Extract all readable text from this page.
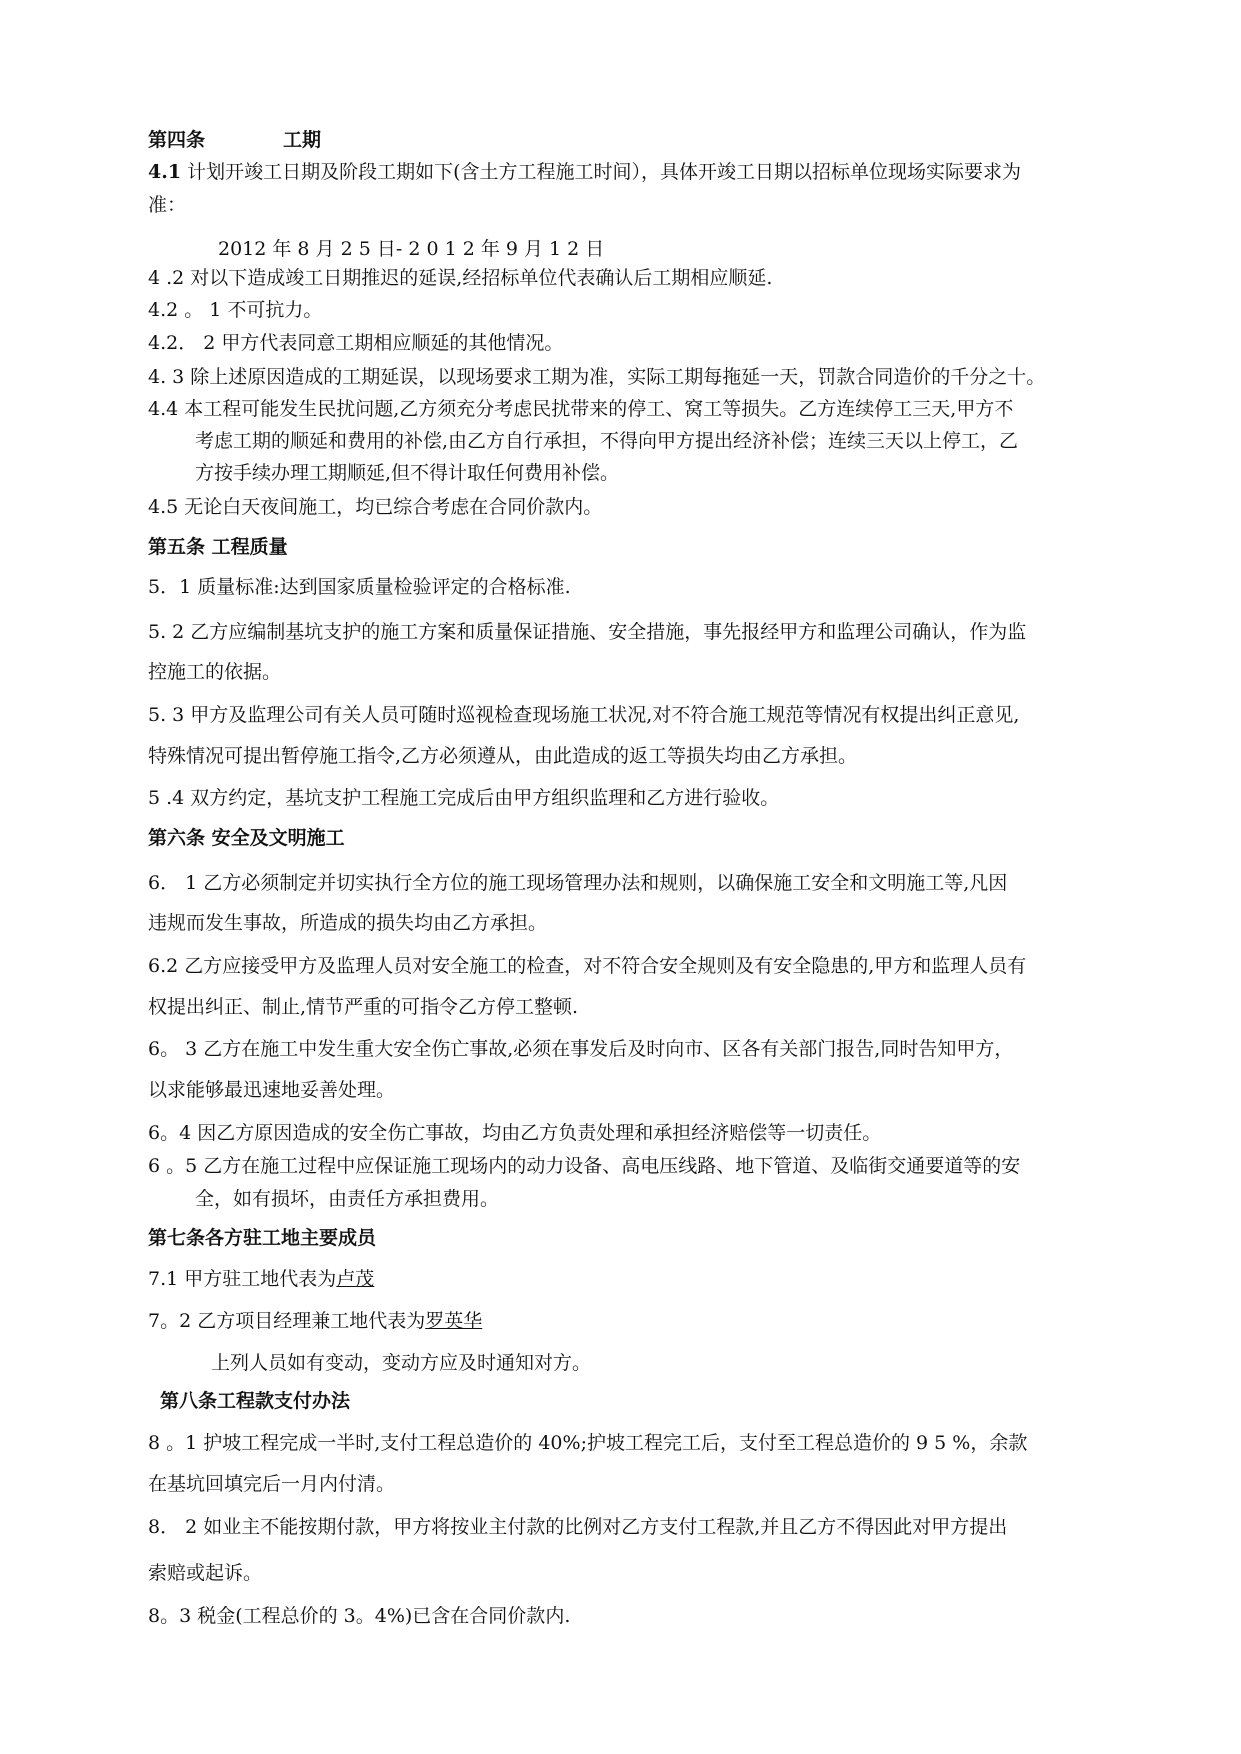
第四条	工期
4.1 计划开竣工日期及阶段工期如下(含土方工程施工时间），具体开竣工日期以招标单位现场实际要求为
准：
2012 年 8 月 2 5 日- 2 0 1 2 年 9 月 1 2 日
4 .2 对以下造成竣工日期推迟的延误,经招标单位代表确认后工期相应顺延.
4.2 。 1 不可抗力。
4.2． 2 甲方代表同意工期相应顺延的其他情况。
4. 3 除上述原因造成的工期延误，以现场要求工期为准，实际工期每拖延一天，罚款合同造价的千分之十。
4.4 本工程可能发生民扰问题,乙方须充分考虑民扰带来的停工、窝工等损失。乙方连续停工三天,甲方不
考虑工期的顺延和费用的补偿,由乙方自行承担，不得向甲方提出经济补偿；连续三天以上停工，乙
方按手续办理工期顺延,但不得计取任何费用补偿。
4.5 无论白天夜间施工，均已综合考虑在合同价款内。
第五条 工程质量
5．1 质量标准:达到国家质量检验评定的合格标准.
5. 2 乙方应编制基坑支护的施工方案和质量保证措施、安全措施，事先报经甲方和监理公司确认，作为监
控施工的依据。
5. 3 甲方及监理公司有关人员可随时巡视检查现场施工状况,对不符合施工规范等情况有权提出纠正意见,
特殊情况可提出暂停施工指令,乙方必须遵从，由此造成的返工等损失均由乙方承担。
5 .4 双方约定，基坑支护工程施工完成后由甲方组织监理和乙方进行验收。
第六条 安全及文明施工
6． 1 乙方必须制定并切实执行全方位的施工现场管理办法和规则，以确保施工安全和文明施工等,凡因
违规而发生事故，所造成的损失均由乙方承担。
6.2 乙方应接受甲方及监理人员对安全施工的检查，对不符合安全规则及有安全隐患的,甲方和监理人员有
权提出纠正、制止,情节严重的可指令乙方停工整顿.
6。 3 乙方在施工中发生重大安全伤亡事故,必须在事发后及时向市、区各有关部门报告,同时告知甲方，
以求能够最迅速地妥善处理。
6。4 因乙方原因造成的安全伤亡事故，均由乙方负责处理和承担经济赔偿等一切责任。
6 。5 乙方在施工过程中应保证施工现场内的动力设备、高电压线路、地下管道、及临街交通要道等的安
全，如有损坏，由责任方承担费用。
第七条各方驻工地主要成员
7.1 甲方驻工地代表为卢茂
7。2 乙方项目经理兼工地代表为罗英华
上列人员如有变动，变动方应及时通知对方。
第八条工程款支付办法
8 。1 护坡工程完成一半时,支付工程总造价的 40%;护坡工程完工后，支付至工程总造价的 9 5 %，余款
在基坑回填完后一月内付清。
8． 2 如业主不能按期付款，甲方将按业主付款的比例对乙方支付工程款,并且乙方不得因此对甲方提出
索赔或起诉。
8。3 税金(工程总价的 3。4%)已含在合同价款内.
